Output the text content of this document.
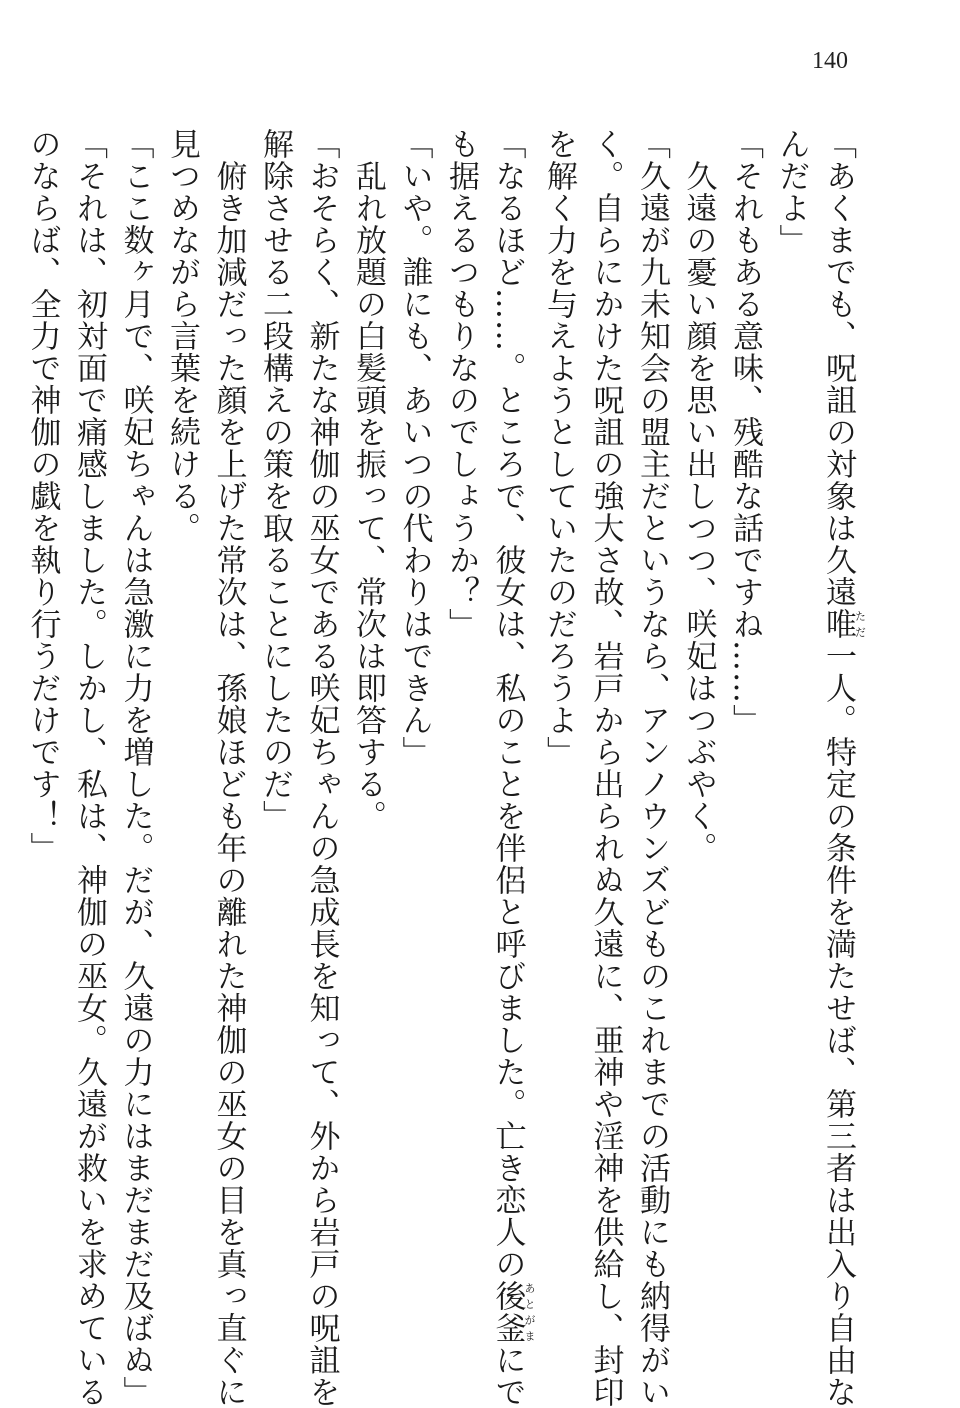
140

「あくまでも、呪詛の対象は久遠唯ただ一人。特定の条件を満たせば、第三者は出入り自由な

んだよ」

「それもある意味、残酷な話ですね……」

　久遠の憂い顔を思い出しつつ、咲妃はつぶやく。

「久遠が九未知会の盟主だというなら、アンノウンズどものこれまでの活動にも納得がい

く。自らにかけた呪詛の強大さ故、岩戸から出られぬ久遠に、亜神や淫神を供給し、封印

を解く力を与えようとしていたのだろうよ」

「なるほど……。ところで、彼女は、私のことを伴侶と呼びました。亡き恋人の後釜あとがまにで

も据えるつもりなのでしょうか？」

「いや。誰にも、あいつの代わりはできん」

　乱れ放題の白髪頭を振って、常次は即答する。

「おそらく、新たな神伽の巫女である咲妃ちゃんの急成長を知って、外から岩戸の呪詛を

解除させる二段構えの策を取ることにしたのだ」

　俯き加減だった顔を上げた常次は、孫娘ほども年の離れた神伽の巫女の目を真っ直ぐに

見つめながら言葉を続ける。

「ここ数ヶ月で、咲妃ちゃんは急激に力を増した。だが、久遠の力にはまだまだ及ばぬ」

「それは、初対面で痛感しました。しかし、私は、神伽の巫女。久遠が救いを求めている

のならば、全力で神伽の戯を執り行うだけです！」
